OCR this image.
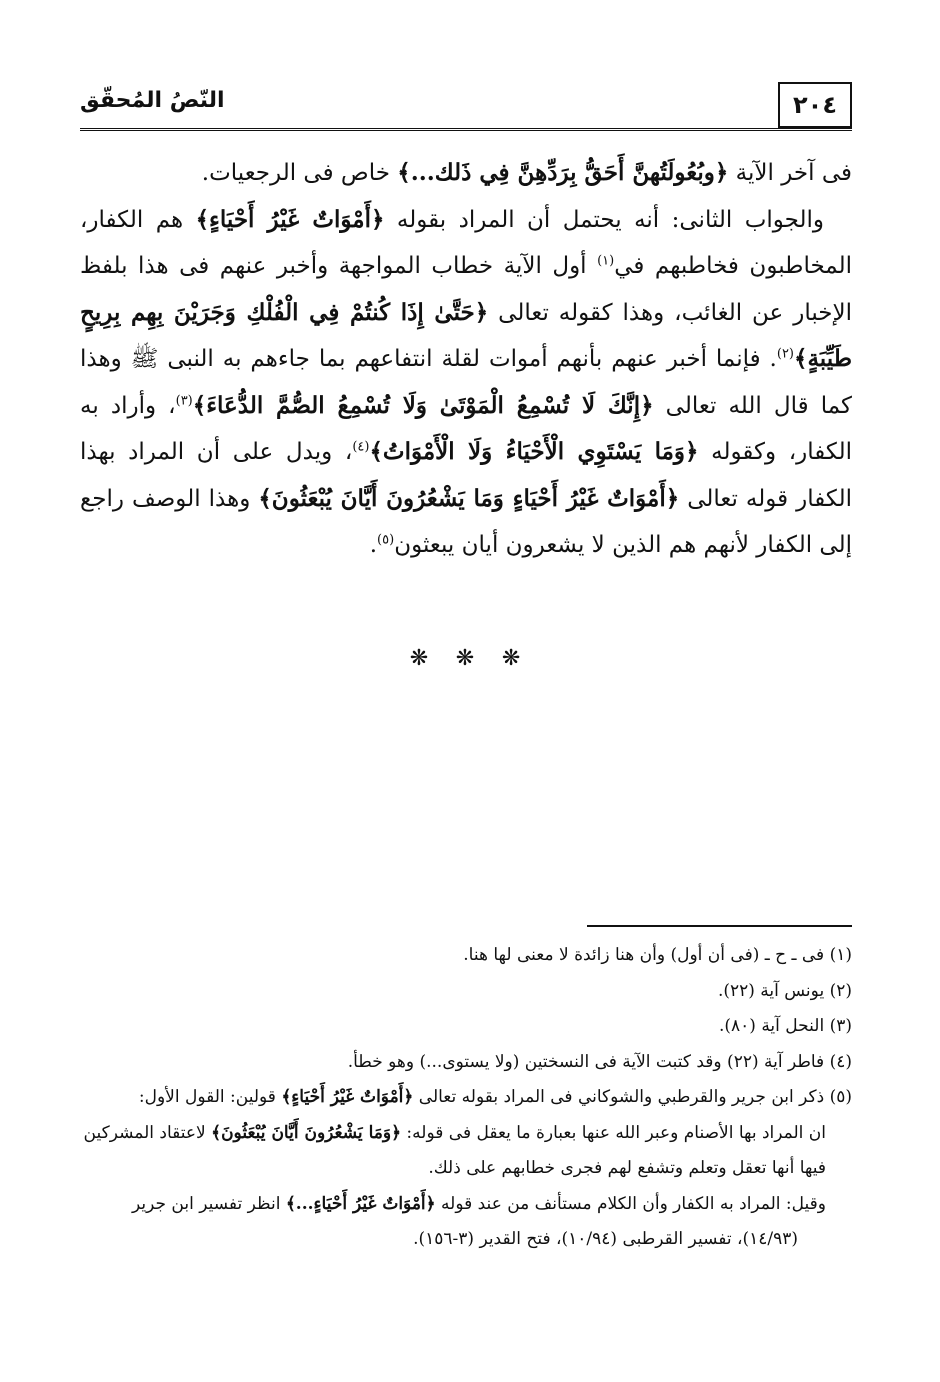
٢٠٤
النّصُ المُحقّق

فى آخر الآية ﴿وبُعُولَتُهنَّ أَحَقُّ بِرَدِّهِنَّ فِي ذَلك...﴾ خاص فى الرجعيات.

والجواب الثانى: أنه يحتمل أن المراد بقوله ﴿أَمْوَاتٌ غَيْرُ أَحْيَاءٍ﴾ هم الكفار، المخاطبون فخاطبهم في$^{(١)}$ أول الآية خطاب المواجهة وأخبر عنهم فى هذا بلفظ الإخبار عن الغائب، وهذا كقوله تعالى ﴿حَتَّىٰ إِذَا كُنتُمْ فِي الْفُلْكِ وَجَرَيْنَ بِهِم بِرِيحٍ طَيِّبَةٍ﴾$^{(٢)}$. فإنما أخبر عنهم بأنهم أموات لقلة انتفاعهم بما جاءهم به النبى ﷺ وهذا كما قال الله تعالى ﴿إِنَّكَ لَا تُسْمِعُ الْمَوْتَىٰ وَلَا تُسْمِعُ الصُّمَّ الدُّعَاءَ﴾$^{(٣)}$، وأراد به الكفار، وكقوله ﴿وَمَا يَسْتَوِي الْأَحْيَاءُ وَلَا الْأَمْوَاتُ﴾$^{(٤)}$، ويدل على أن المراد بهذا الكفار قوله تعالى ﴿أَمْوَاتٌ غَيْرُ أَحْيَاءٍ وَمَا يَشْعُرُونَ أَيَّانَ يُبْعَثُونَ﴾ وهذا الوصف راجع إلى الكفار لأنهم هم الذين لا يشعرون أيان يبعثون$^{(٥)}$.

❋ ❋ ❋

(١) فى ـ ح ـ (فى أن أول) وأن هنا زائدة لا معنى لها هنا.

(٢) يونس آية (٢٢).

(٣) النحل آية (٨٠).

(٤) فاطر آية (٢٢) وقد كتبت الآية فى النسختين (ولا يستوى...) وهو خطأ.

(٥) ذكر ابن جرير والقرطبي والشوكاني فى المراد بقوله تعالى ﴿أَمْوَاتٌ غَيْرُ أَحْيَاءٍ﴾ قولين: القول الأول:

ان المراد بها الأصنام وعبر الله عنها بعبارة ما يعقل فى قوله: ﴿وَمَا يَشْعُرُونَ أَيَّانَ يُبْعَثُونَ﴾ لاعتقاد المشركين فيها أنها تعقل وتعلم وتشفع لهم فجرى خطابهم على ذلك.

وقيل: المراد به الكفار وأن الكلام مستأنف من عند قوله ﴿أَمْوَاتٌ غَيْرُ أَحْيَاءٍ...﴾ انظر تفسير ابن جرير

(١٤/٩٣)، تفسير القرطبى (١٠/٩٤)، فتح القدير (٣-١٥٦).
